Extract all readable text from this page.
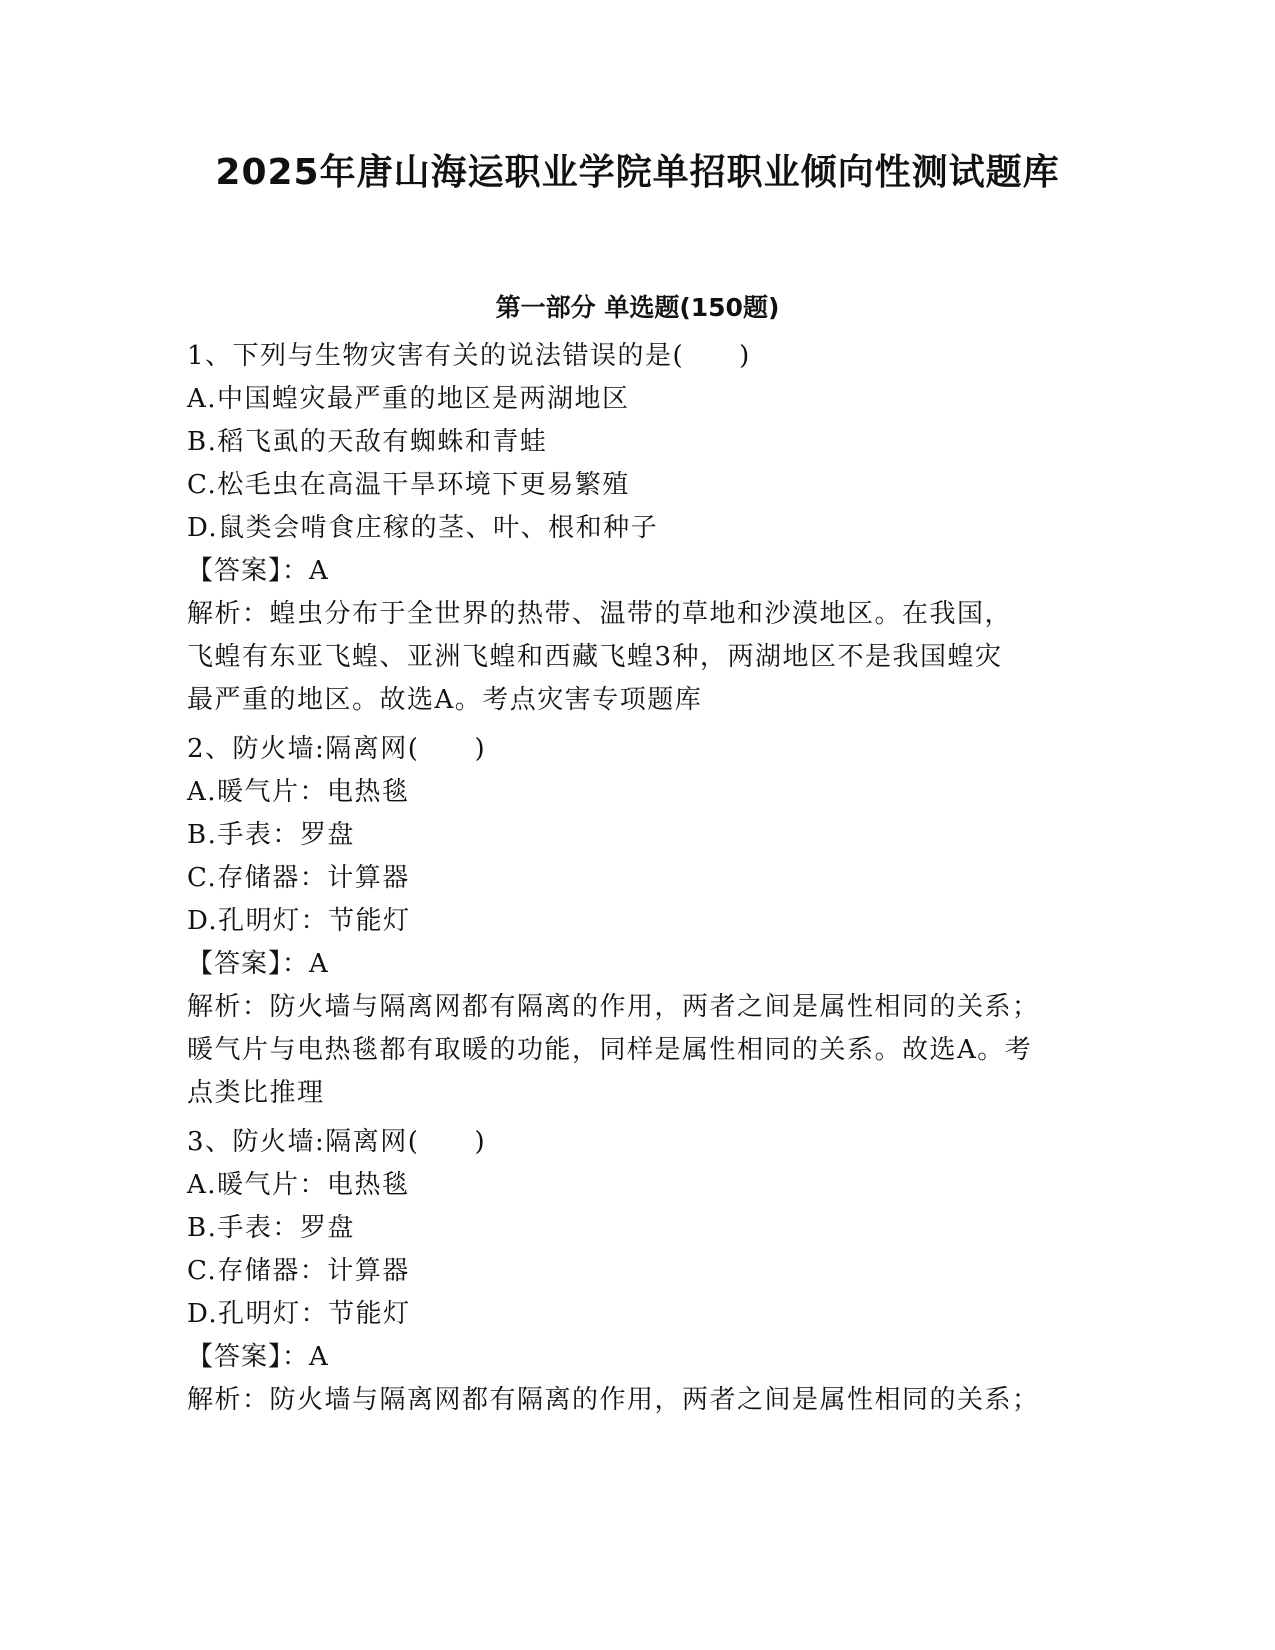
2025年唐山海运职业学院单招职业倾向性测试题库
第一部分 单选题(150题)
1、下列与生物灾害有关的说法错误的是(　　)
A.中国蝗灾最严重的地区是两湖地区
B.稻飞虱的天敌有蜘蛛和青蛙
C.松毛虫在高温干旱环境下更易繁殖
D.鼠类会啃食庄稼的茎、叶、根和种子
【答案】：A
解析：蝗虫分布于全世界的热带、温带的草地和沙漠地区。在我国，
飞蝗有东亚飞蝗、亚洲飞蝗和西藏飞蝗3种，两湖地区不是我国蝗灾
最严重的地区。故选A。考点灾害专项题库
2、防火墙:隔离网(　　)
A.暖气片：电热毯
B.手表：罗盘
C.存储器：计算器
D.孔明灯：节能灯
【答案】：A
解析：防火墙与隔离网都有隔离的作用，两者之间是属性相同的关系；
暖气片与电热毯都有取暖的功能，同样是属性相同的关系。故选A。考
点类比推理
3、防火墙:隔离网(　　)
A.暖气片：电热毯
B.手表：罗盘
C.存储器：计算器
D.孔明灯：节能灯
【答案】：A
解析：防火墙与隔离网都有隔离的作用，两者之间是属性相同的关系；
